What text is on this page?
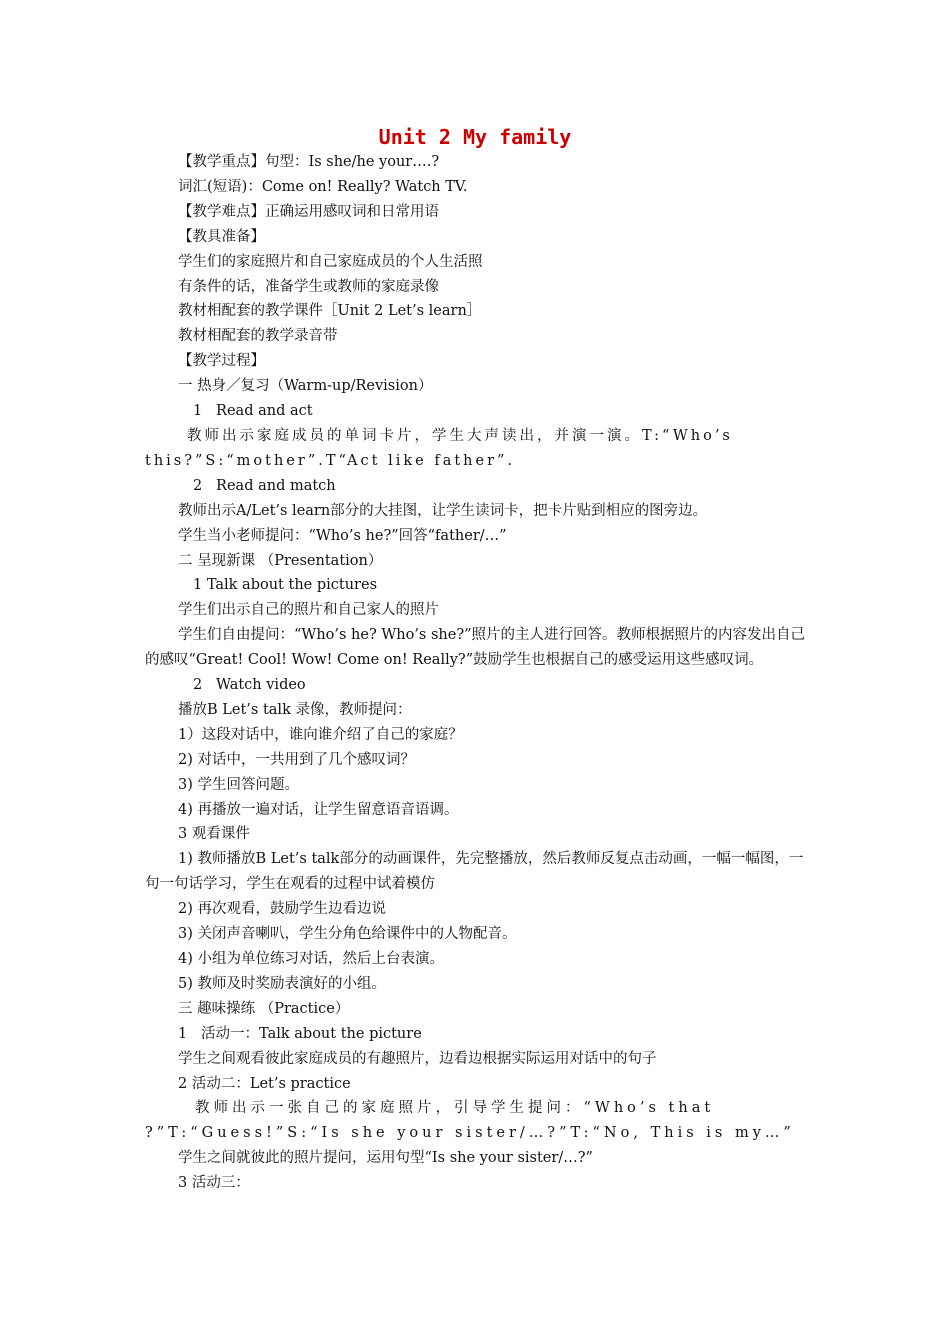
Unit 2 My family

【教学重点】句型：Is she/he your….?

词汇(短语)：Come on! Really? Watch TV.

【教学难点】正确运用感叹词和日常用语

【教具准备】

学生们的家庭照片和自己家庭成员的个人生活照

有条件的话，准备学生或教师的家庭录像

教材相配套的教学课件［Unit 2 Let’s learn］

教材相配套的教学录音带

【教学过程】

一 热身／复习（Warm-up/Revision）

1   Read and act

教师出示家庭成员的单词卡片，学生大声读出，并演一演。T:“Who’s this?”S:“mother”.T“Act like father”.

2   Read and match

教师出示A/Let’s learn部分的大挂图，让学生读词卡，把卡片贴到相应的图旁边。

学生当小老师提问：“Who’s he?”回答“father/…”

二 呈现新课 （Presentation）

1 Talk about the pictures

学生们出示自己的照片和自己家人的照片

学生们自由提问：“Who’s he? Who’s she?”照片的主人进行回答。教师根据照片的内容发出自己的感叹“Great! Cool! Wow! Come on! Really?”鼓励学生也根据自己的感受运用这些感叹词。

2   Watch video

播放B Let’s talk 录像，教师提问：

1）这段对话中，谁向谁介绍了自己的家庭？

2) 对话中，一共用到了几个感叹词？

3) 学生回答问题。

4) 再播放一遍对话，让学生留意语音语调。

3 观看课件

1) 教师播放B Let’s talk部分的动画课件，先完整播放，然后教师反复点击动画，一幅一幅图，一句一句话学习，学生在观看的过程中试着模仿

2) 再次观看，鼓励学生边看边说

3) 关闭声音喇叭，学生分角色给课件中的人物配音。

4) 小组为单位练习对话，然后上台表演。

5) 教师及时奖励表演好的小组。

三 趣味操练 （Practice）

1   活动一：Talk about the picture

学生之间观看彼此家庭成员的有趣照片，边看边根据实际运用对话中的句子

2 活动二：Let’s practice

教师出示一张自己的家庭照片，引导学生提问：“Who’s that ?”T:“Guess!”S:“Is she your sister/…?”T:“No, This is my…”

学生之间就彼此的照片提问，运用句型“Is she your sister/…?”

3 活动三：
